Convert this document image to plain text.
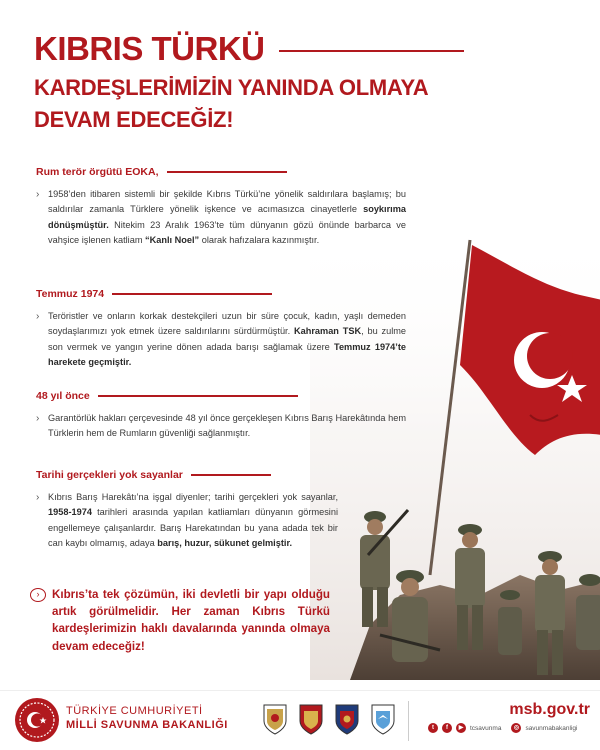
KIBRIS TÜRKÜ
KARDEŞLERİMİZİN YANINDA OLMAYA
DEVAM EDECEĞİZ!
Rum terör örgütü EOKA,
› 1958’den itibaren sistemli bir şekilde Kıbrıs Türkü’ne yönelik saldırılara başlamış; bu saldırılar zamanla Türklere yönelik işkence ve acımasızca cinayetlerle soykırıma dönüşmüştür. Nitekim 23 Aralık 1963’te tüm dünyanın gözü önünde barbarca ve vahşice işlenen katliam “Kanlı Noel” olarak hafızalara kazınmıştır.
Temmuz 1974
› Teröristler ve onların korkak destekçileri uzun bir süre çocuk, kadın, yaşlı demeden soydaşlarımızı yok etmek üzere saldırılarını sürdürmüştür. Kahraman TSK, bu zulme son vermek ve yangın yerine dönen adada barışı sağlamak üzere Temmuz 1974’te harekete geçmiştir.
48 yıl önce
› Garantörlük hakları çerçevesinde 48 yıl önce gerçekleşen Kıbrıs Barış Harekâtında hem Türklerin hem de Rumların güvenliği sağlanmıştır.
Tarihi gerçekleri yok sayanlar
› Kıbrıs Barış Harekâtı’na işgal diyenler; tarihi gerçekleri yok sayanlar, 1958-1974 tarihleri arasında yapılan katliamları dünyanın görmesini engellemeye çalışanlardır. Barış Harekatından bu yana adada tek bir can kaybı olmamış, adaya barış, huzur, sükunet gelmiştir.
›	Kıbrıs’ta tek çözümün, iki devletli bir yapı olduğu artık görülmelidir. Her zaman Kıbrıs Türkü kardeşlerimizin haklı davalarında yanında olmaya devam edeceğiz!
TÜRKİYE CUMHURİYETİ
MİLLİ SAVUNMA BAKANLIĞI
msb.gov.tr
t	f	▶	tcsavunma	◎ savunmabakanligi
